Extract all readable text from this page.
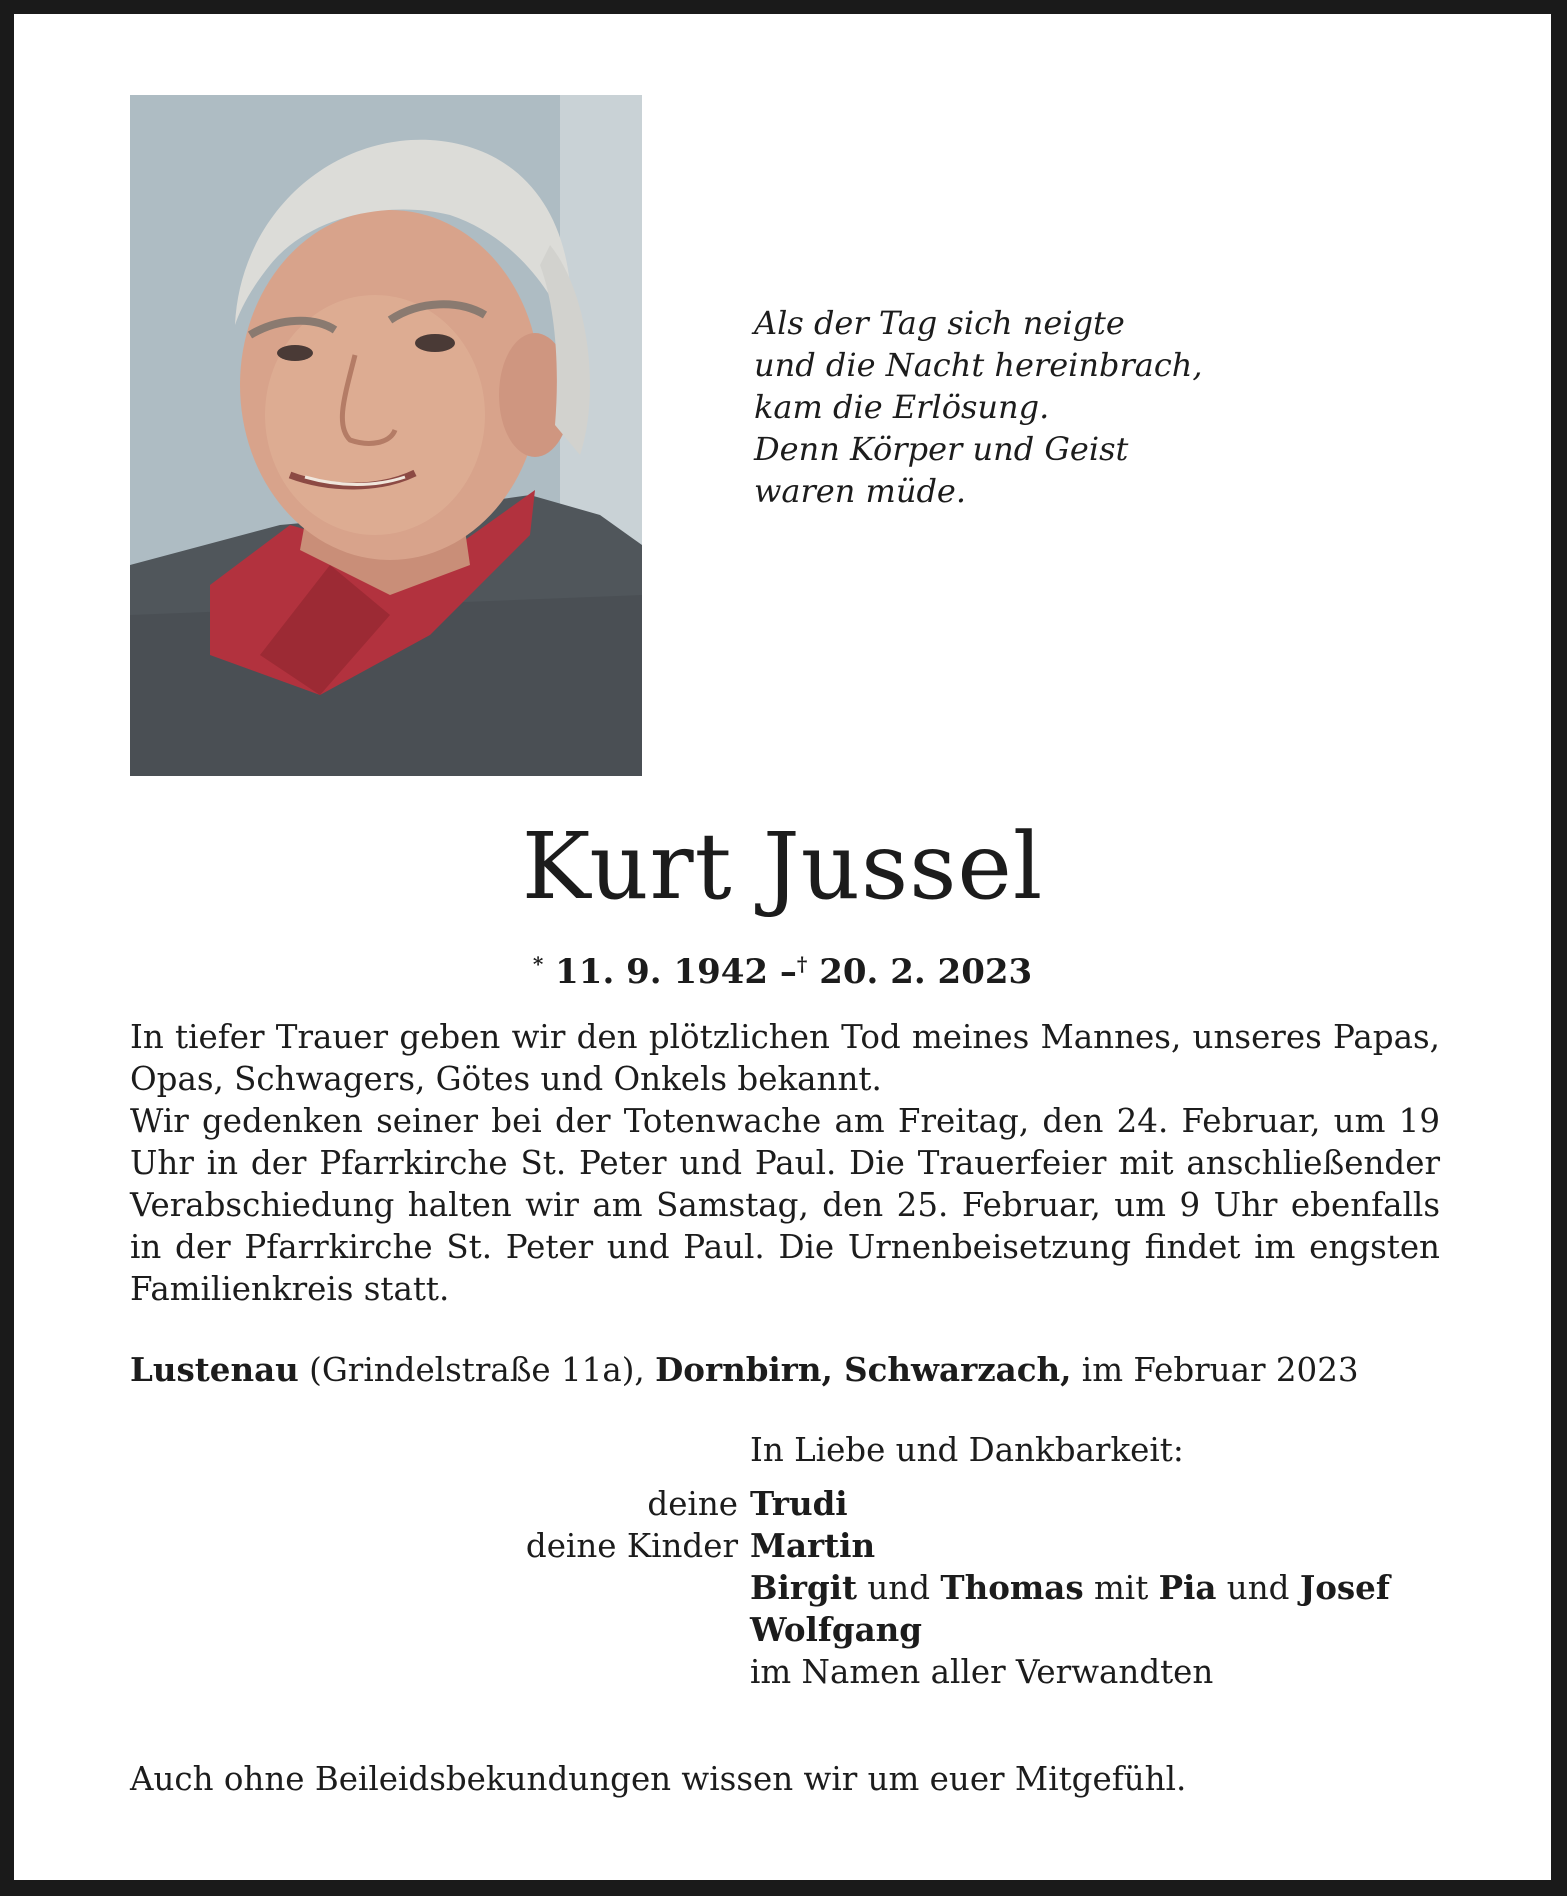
Als der Tag sich neigte
und die Nacht hereinbrach,
kam die Erlösung.
Denn Körper und Geist
waren müde.
Kurt Jussel
* 11. 9. 1942 –† 20. 2. 2023

In tiefer Trauer geben wir den plötzlichen Tod meines Mannes, unseres Papas, Opas, Schwagers, Götes und Onkels bekannt.

Wir gedenken seiner bei der Totenwache am Freitag, den 24. Februar, um 19 Uhr in der Pfarrkirche St. Peter und Paul. Die Trauerfeier mit anschließender Verabschiedung halten wir am Samstag, den 25. Februar, um 9 Uhr ebenfalls in der Pfarrkirche St. Peter und Paul. Die Urnenbeisetzung findet im engsten Familienkreis statt.

Lustenau (Grindelstraße 11a), Dornbirn, Schwarzach, im Februar 2023
In Liebe und Dankbarkeit:
deine Trudi
deine Kinder Martin
Birgit und Thomas mit Pia und Josef
Wolfgang
im Namen aller Verwandten
Auch ohne Beileidsbekundungen wissen wir um euer Mitgefühl.
